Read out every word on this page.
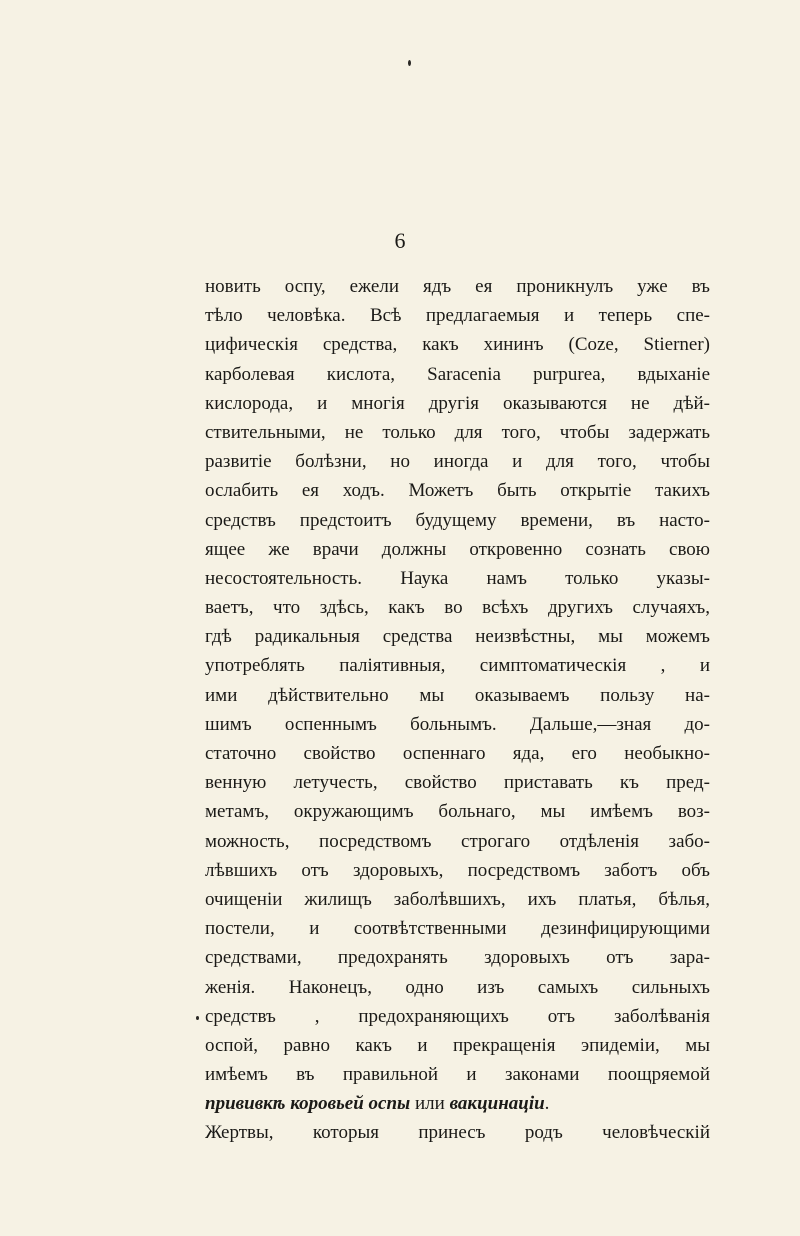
6
новить оспу, ежели ядъ ея проникнулъ уже въ
тѣло человѣка. Всѣ предлагаемыя и теперь спе-
цифическія средства, какъ хининъ (Coze, Stierner)
карболевая кислота, Saracenia purpurea, вдыханіе
кислорода, и многія другія оказываются не дѣй-
ствительными, не только для того, чтобы задержать
развитіе болѣзни, но иногда и для того, чтобы
ослабить ея ходъ. Можетъ быть открытіе такихъ
средствъ предстоитъ будущему времени, въ насто-
ящее же врачи должны откровенно сознать свою
несостоятельность. Наука намъ только указы-
ваетъ, что здѣсь, какъ во всѣхъ другихъ случаяхъ,
гдѣ радикальныя средства неизвѣстны, мы можемъ
употреблять паліятивныя, симптоматическія , и
ими дѣйствительно мы оказываемъ пользу на-
шимъ оспеннымъ больнымъ. Дальше,—зная до-
статочно свойство оспеннаго яда, его необыкно-
венную летучесть, свойство приставать къ пред-
метамъ, окружающимъ больнаго, мы имѣемъ воз-
можность, посредствомъ строгаго отдѣленія забо-
лѣвшихъ отъ здоровыхъ, посредствомъ заботъ объ
очищеніи жилищъ заболѣвшихъ, ихъ платья, бѣлья,
постели, и соотвѣтственными дезинфицирующими
средствами, предохранять здоровыхъ отъ зара-
женія. Наконецъ, одно изъ самыхъ сильныхъ
средствъ , предохраняющихъ отъ заболѣванія
оспой, равно какъ и прекращенія эпидеміи, мы
имѣемъ въ правильной и законами поощряемой
прививкѣ коровьей оспы или вакцинаціи.
Жертвы, которыя принесъ родъ человѣческій
